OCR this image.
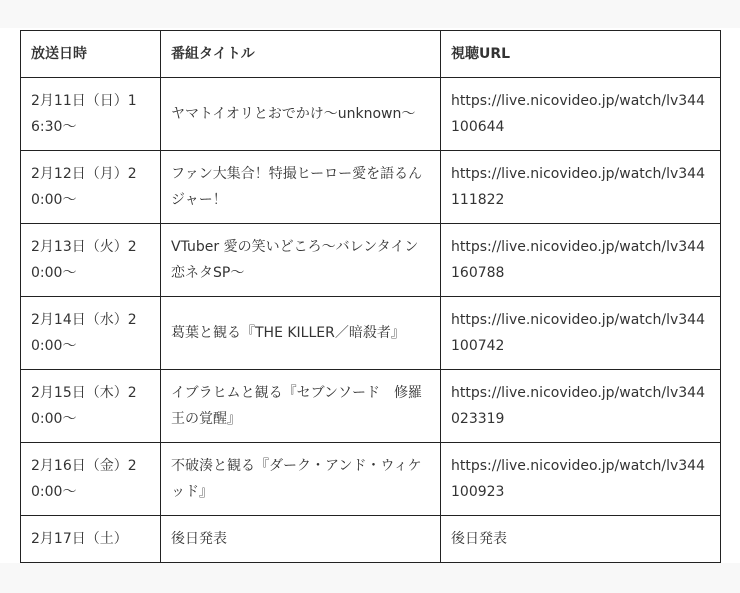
放送日時	番組タイトル	視聴URL
2月11日（日）16:30〜	ヤマトイオリとおでかけ〜unknown〜	https://live.nicovideo.jp/watch/lv344100644
2月12日（月）20:00〜	ファン大集合！特撮ヒーロー愛を語るんジャー！	https://live.nicovideo.jp/watch/lv344111822
2月13日（火）20:00〜	VTuber 愛の笑いどころ〜バレンタイン恋ネタSP〜	https://live.nicovideo.jp/watch/lv344160788
2月14日（水）20:00〜	葛葉と観る『THE KILLER／暗殺者』	https://live.nicovideo.jp/watch/lv344100742
2月15日（木）20:00〜	イブラヒムと観る『セブンソード　修羅王の覚醒』	https://live.nicovideo.jp/watch/lv344023319
2月16日（金）20:00〜	不破湊と観る『ダーク・アンド・ウィケッド』	https://live.nicovideo.jp/watch/lv344100923
2月17日（土）	後日発表	後日発表
